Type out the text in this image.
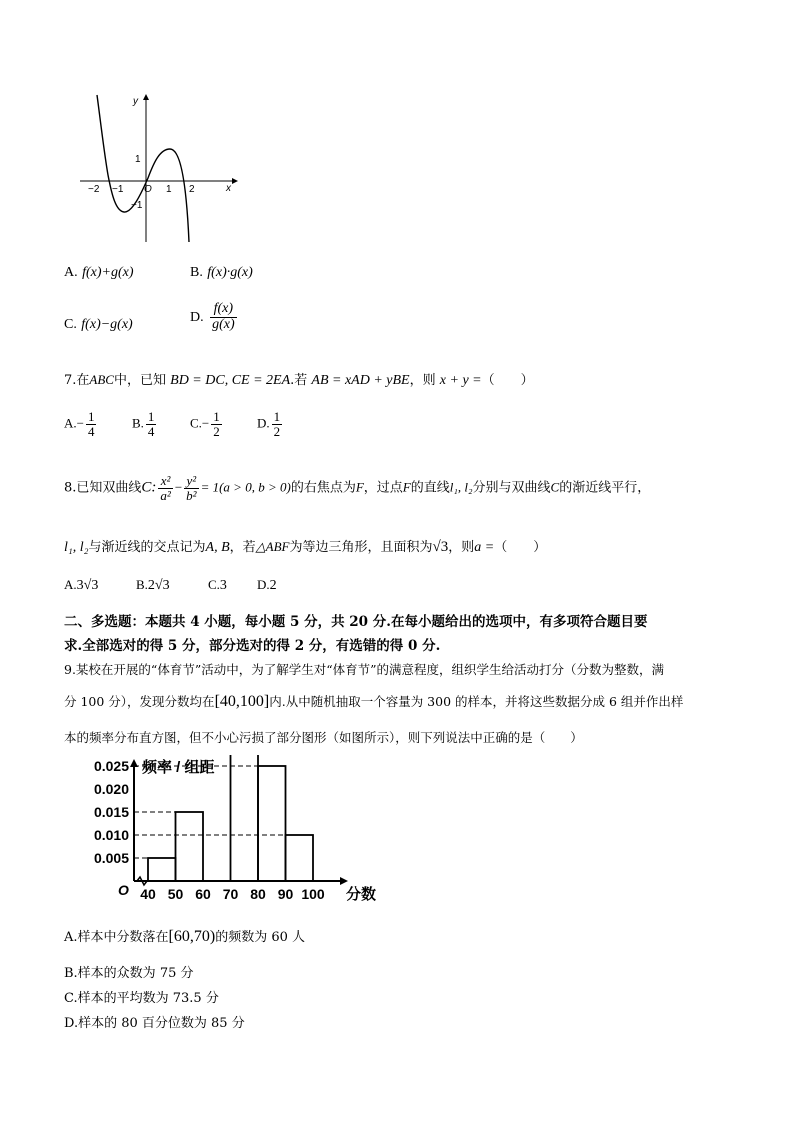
x
y
−2 −1 O 1 2
1
−1
A. f(x)+g(x)	B. f(x)·g(x)
C. f(x)−g(x)	D. $\frac{f(x)}{g(x)}$
7.在ABC中，已知 BD = DC, CE = 2EA.若 AB = xAD + yBE，则 x + y =（　　）
$A.- \frac{1}{4}$	B. $\frac{1}{4}$	$C.- \frac{1}{2}$	D. $\frac{1}{2}$
8.已知双曲线C: $\frac{\text{x²}}{\text{a²}} - \frac{\text{y²}}{\text{b²}} = 1(a > 0$, b > 0)的右焦点为F，过点F的直线l₁, l₂分别与双曲线C的渐近线平行，
l₁, l₂与渐近线的交点记为A, B，若△ABF为等边三角形，且面积为√3，则a =（　　）
A.3√3	B.2√3	C.3 D.2
二、多选题：本题共 4 小题，每小题 5 分，共 20 分.在每小题给出的选项中，有多项符合题目要
求.全部选对的得 5 分，部分选对的得 2 分，有选错的得 0 分.
9.某校在开展的“体育节”活动中，为了解学生对“体育节”的满意程度，组织学生给活动打分（分数为整数，满
分 100 分），发现分数均在[40,100]内.从中随机抽取一个容量为 300 的样本，并将这些数据分成 6 组并作出样
本的频率分布直方图，但不小心污损了部分图形（如图所示），则下列说法中正确的是（　　）
频率 / 组距
分数
O
0.005
0.010
0.015
0.020
0.025
40 50 60 70 80 90 100
A.样本中分数落在[60,70)的频数为 60 人
B.样本的众数为 75 分
C.样本的平均数为 73.5 分
D.样本的 80 百分位数为 85 分
